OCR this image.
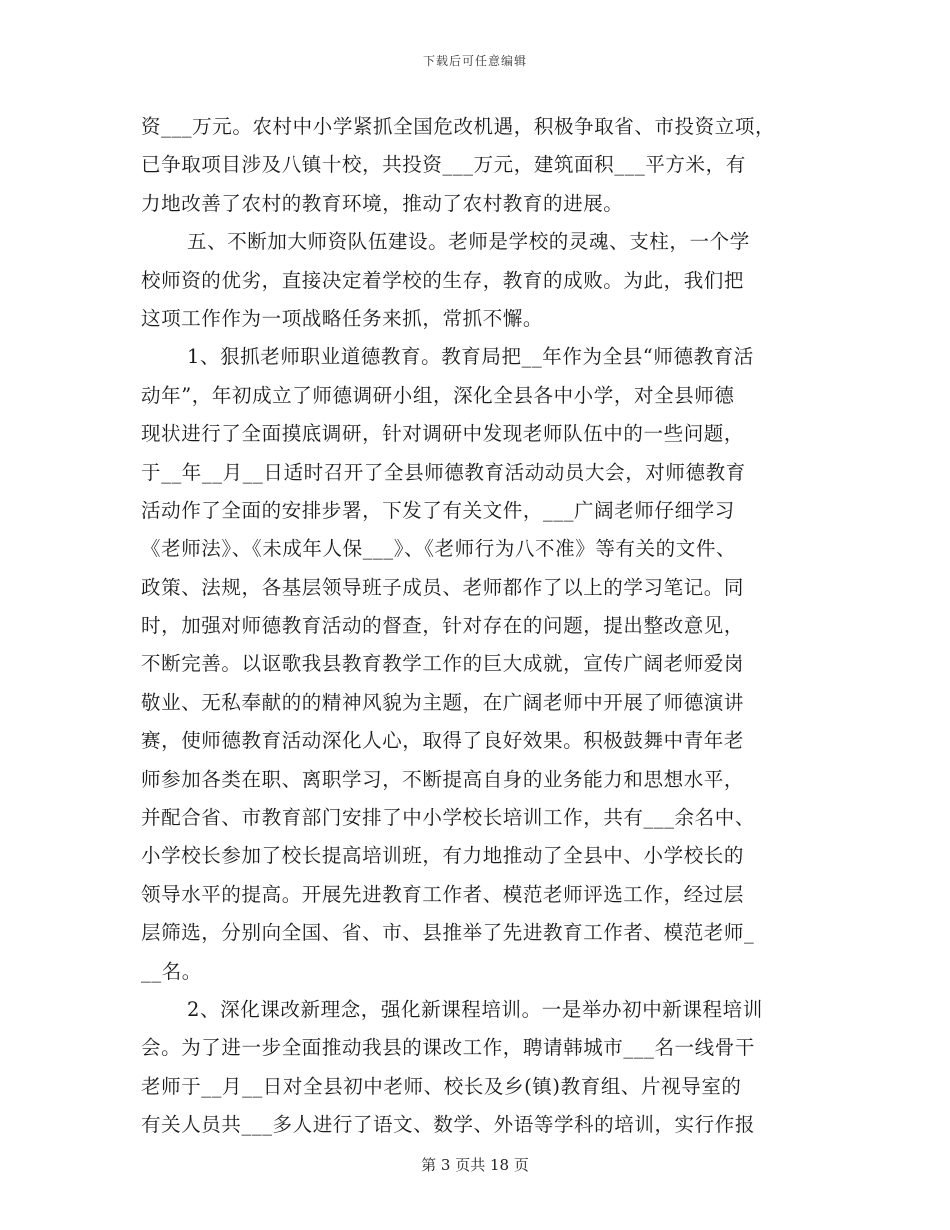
下载后可任意编辑
资___万元。农村中小学紧抓全国危改机遇，积极争取省、市投资立项，
已争取项目涉及八镇十校，共投资___万元，建筑面积___平方米，有
力地改善了农村的教育环境，推动了农村教育的进展。
五、不断加大师资队伍建设。老师是学校的灵魂、支柱，一个学
校师资的优劣，直接决定着学校的生存，教育的成败。为此，我们把
这项工作作为一项战略任务来抓，常抓不懈。
1、狠抓老师职业道德教育。教育局把__年作为全县“师德教育活
动年”，年初成立了师德调研小组，深化全县各中小学，对全县师德
现状进行了全面摸底调研，针对调研中发现老师队伍中的一些问题，
于__年__月__日适时召开了全县师德教育活动动员大会，对师德教育
活动作了全面的安排步署，下发了有关文件，___广阔老师仔细学习
《老师法》、《未成年人保___》、《老师行为八不准》等有关的文件、
政策、法规，各基层领导班子成员、老师都作了以上的学习笔记。同
时，加强对师德教育活动的督查，针对存在的问题，提出整改意见，
不断完善。以讴歌我县教育教学工作的巨大成就，宣传广阔老师爱岗
敬业、无私奉献的的精神风貌为主题，在广阔老师中开展了师德演讲
赛，使师德教育活动深化人心，取得了良好效果。积极鼓舞中青年老
师参加各类在职、离职学习，不断提高自身的业务能力和思想水平，
并配合省、市教育部门安排了中小学校长培训工作，共有___余名中、
小学校长参加了校长提高培训班，有力地推动了全县中、小学校长的
领导水平的提高。开展先进教育工作者、模范老师评选工作，经过层
层筛选，分别向全国、省、市、县推举了先进教育工作者、模范老师_
__名。
2、深化课改新理念，强化新课程培训。一是举办初中新课程培训
会。为了进一步全面推动我县的课改工作，聘请韩城市___名一线骨干
老师于__月__日对全县初中老师、校长及乡(镇)教育组、片视导室的
有关人员共___多人进行了语文、数学、外语等学科的培训，实行作报
第 3 页共 18 页
